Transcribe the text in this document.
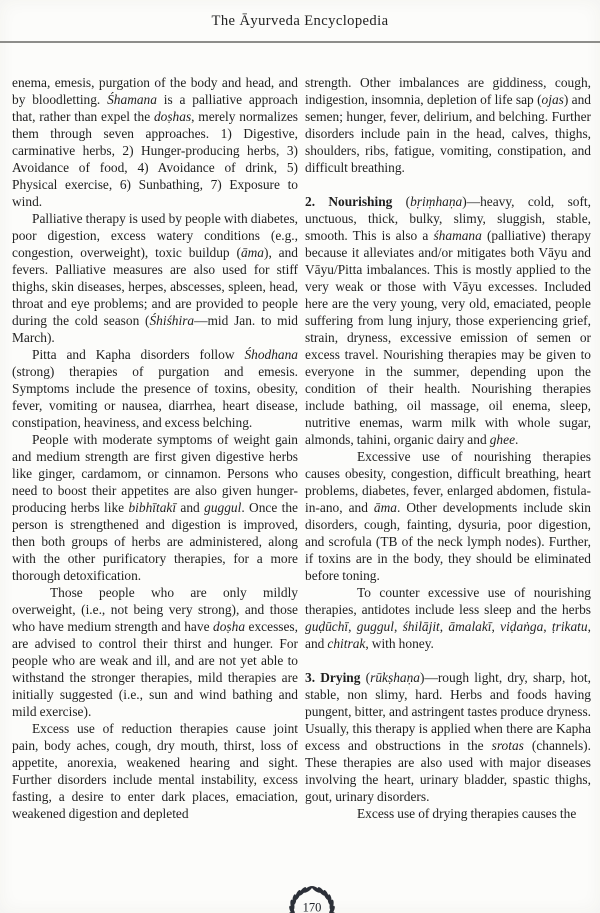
The Āyurveda Encyclopedia

enema, emesis, purgation of the body and head, and by bloodletting. Śhamana is a palliative approach that, rather than expel the doṣhas, merely normalizes them through seven approaches. 1) Digestive, carminative herbs, 2) Hunger-producing herbs, 3) Avoidance of food, 4) Avoidance of drink, 5) Physical exercise, 6) Sunbathing, 7) Exposure to wind.

Palliative therapy is used by people with diabetes, poor digestion, excess watery conditions (e.g., congestion, overweight), toxic buildup (āma), and fevers. Palliative measures are also used for stiff thighs, skin diseases, herpes, abscesses, spleen, head, throat and eye problems; and are provided to people during the cold season (Śhiśhira—mid Jan. to mid March).

Pitta and Kapha disorders follow Śhodhana (strong) therapies of purgation and emesis. Symptoms include the presence of toxins, obesity, fever, vomiting or nausea, diarrhea, heart disease, constipation, heaviness, and excess belching.

People with moderate symptoms of weight gain and medium strength are first given digestive herbs like ginger, cardamom, or cinnamon. Persons who need to boost their appetites are also given hunger-producing herbs like bibhītakī and guggul. Once the person is strengthened and digestion is improved, then both groups of herbs are administered, along with the other purificatory therapies, for a more thorough detoxification.

Those people who are only mildly overweight, (i.e., not being very strong), and those who have medium strength and have doṣha excesses, are advised to control their thirst and hunger. For people who are weak and ill, and are not yet able to withstand the stronger therapies, mild therapies are initially suggested (i.e., sun and wind bathing and mild exercise).

Excess use of reduction therapies cause joint pain, body aches, cough, dry mouth, thirst, loss of appetite, anorexia, weakened hearing and sight. Further disorders include mental instability, excess fasting, a desire to enter dark places, emaciation, weakened digestion and depleted

strength. Other imbalances are giddiness, cough, indigestion, insomnia, depletion of life sap (ojas) and semen; hunger, fever, delirium, and belching. Further disorders include pain in the head, calves, thighs, shoulders, ribs, fatigue, vomiting, constipation, and difficult breathing.

2. Nourishing (bṛiṃhaṇa)—heavy, cold, soft, unctuous, thick, bulky, slimy, sluggish, stable, smooth. This is also a śhamana (palliative) therapy because it alleviates and/or mitigates both Vāyu and Vāyu/Pitta imbalances. This is mostly applied to the very weak or those with Vāyu excesses. Included here are the very young, very old, emaciated, people suffering from lung injury, those experiencing grief, strain, dryness, excessive emission of semen or excess travel. Nourishing therapies may be given to everyone in the summer, depending upon the condition of their health. Nourishing therapies include bathing, oil massage, oil enema, sleep, nutritive enemas, warm milk with whole sugar, almonds, tahini, organic dairy and ghee.

Excessive use of nourishing therapies causes obesity, congestion, difficult breathing, heart problems, diabetes, fever, enlarged abdomen, fistula-in-ano, and āma. Other developments include skin disorders, cough, fainting, dysuria, poor digestion, and scrofula (TB of the neck lymph nodes). Further, if toxins are in the body, they should be eliminated before toning.

To counter excessive use of nourishing therapies, antidotes include less sleep and the herbs guḍūchī, guggul, śhilājit, āmalakī, viḍaṅga, ṭrikatu, and chitrak, with honey.

3. Drying (rūkṣhaṇa)—rough light, dry, sharp, hot, stable, non slimy, hard. Herbs and foods having pungent, bitter, and astringent tastes produce dryness. Usually, this therapy is applied when there are Kapha excess and obstructions in the srotas (channels). These therapies are also used with major diseases involving the heart, urinary bladder, spastic thighs, gout, urinary disorders.

Excess use of drying therapies causes the

170
